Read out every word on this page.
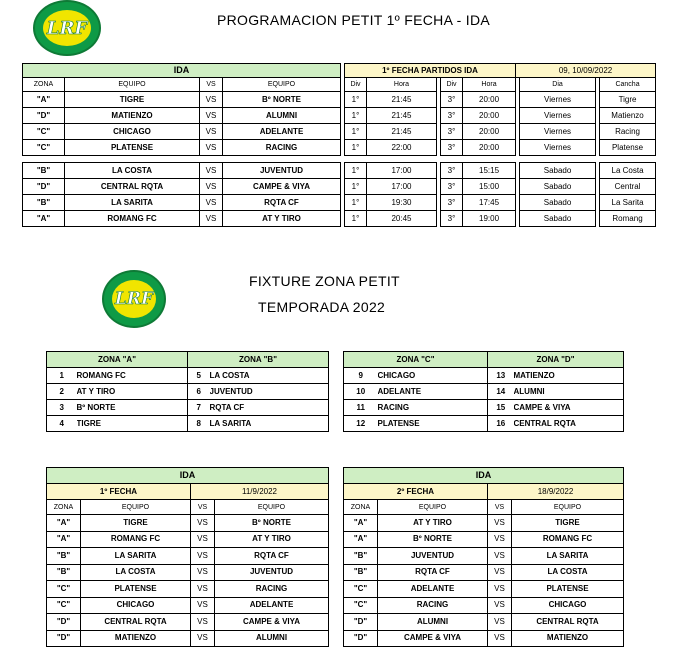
LRF
LRF
PROGRAMACION PETIT 1º FECHA - IDA
IDA					1º FECHA PARTIDOS IDA					09, 10/09/2022			
ZONA	EQUIPO	VS	EQUIPO		Div	Hora		Div	Hora		Dia		Cancha
"A"	TIGRE	VS	Bº NORTE		1°	21:45		3°	20:00		Viernes		Tigre
"D"	MATIENZO	VS	ALUMNI		1°	21:45		3°	20:00		Viernes		Matienzo
"C"	CHICAGO	VS	ADELANTE		1°	21:45		3°	20:00		Viernes		Racing
"C"	PLATENSE	VS	RACING		1°	22:00		3°	20:00		Viernes		Platense

"B"	LA COSTA	VS	JUVENTUD		1°	17:00		3°	15:15		Sabado		La Costa
"D"	CENTRAL RQTA	VS	CAMPE & VIYA		1°	17:00		3°	15:00		Sabado		Central
"B"	LA SARITA	VS	RQTA CF		1°	19:30		3°	17:45		Sabado		La Sarita
"A"	ROMANG FC	VS	AT Y TIRO		1°	20:45		3°	19:00		Sabado		Romang
FIXTURE ZONA PETIT
TEMPORADA 2022
ZONA "A"		ZONA "B"	
1	ROMANG FC	5	LA COSTA
2	AT Y TIRO	6	JUVENTUD
3	Bº NORTE	7	RQTA CF
4	TIGRE	8	LA SARITA
ZONA "C"		ZONA "D"	
9	CHICAGO	13	MATIENZO
10	ADELANTE	14	ALUMNI
11	RACING	15	CAMPE & VIYA
12	PLATENSE	16	CENTRAL RQTA
IDA			
1º FECHA		11/9/2022	
ZONA	EQUIPO	VS	EQUIPO
"A"	TIGRE	VS	Bº NORTE
"A"	ROMANG FC	VS	AT Y TIRO
"B"	LA SARITA	VS	RQTA CF
"B"	LA COSTA	VS	JUVENTUD
"C"	PLATENSE	VS	RACING
"C"	CHICAGO	VS	ADELANTE
"D"	CENTRAL RQTA	VS	CAMPE & VIYA
"D"	MATIENZO	VS	ALUMNI
IDA			
2º FECHA		18/9/2022	
ZONA	EQUIPO	VS	EQUIPO
"A"	AT Y TIRO	VS	TIGRE
"A"	Bº NORTE	VS	ROMANG FC
"B"	JUVENTUD	VS	LA SARITA
"B"	RQTA CF	VS	LA COSTA
"C"	ADELANTE	VS	PLATENSE
"C"	RACING	VS	CHICAGO
"D"	ALUMNI	VS	CENTRAL RQTA
"D"	CAMPE & VIYA	VS	MATIENZO
